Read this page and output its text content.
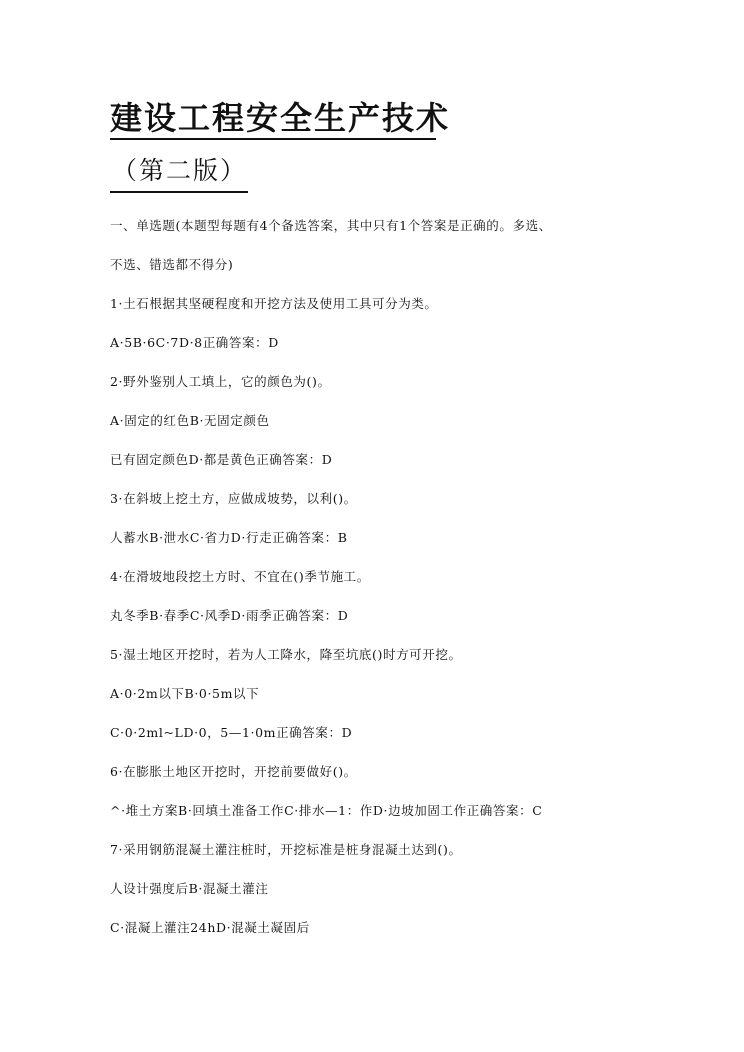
建设工程安全生产技术
（第二版）
一、单选题(本题型每题有4个备选答案，其中只有1个答案是正确的。多选、
不选、错选都不得分)
1·土石根据其坚硬程度和开挖方法及使用工具可分为类。
A·5B·6C·7D·8正确答案：D
2·野外鉴别人工填上，它的颜色为()。
A·固定的红色B·无固定颜色
已有固定颜色D·都是黄色正确答案：D
3·在斜坡上挖土方，应做成坡势，以利()。
人蓄水B·泄水C·省力D·行走正确答案：B
4·在滑坡地段挖土方时、不宜在()季节施工。
丸冬季B·春季C·风季D·雨季正确答案：D
5·湿土地区开挖时，若为人工降水，降至坑底()时方可开挖。
A·0·2m以下B·0·5m以下
C·0·2ml~LD·0，5—1·0m正确答案：D
6·在膨胀土地区开挖时，开挖前要做好()。
^·堆土方案B·回填土准备工作C·排水—1：作D·边坡加固工作正确答案：C
7·采用钢筋混凝土灌注桩时，开挖标准是桩身混凝土达到()。
人设计强度后B·混凝土灌注
C·混凝上灌注24hD·混凝土凝固后
